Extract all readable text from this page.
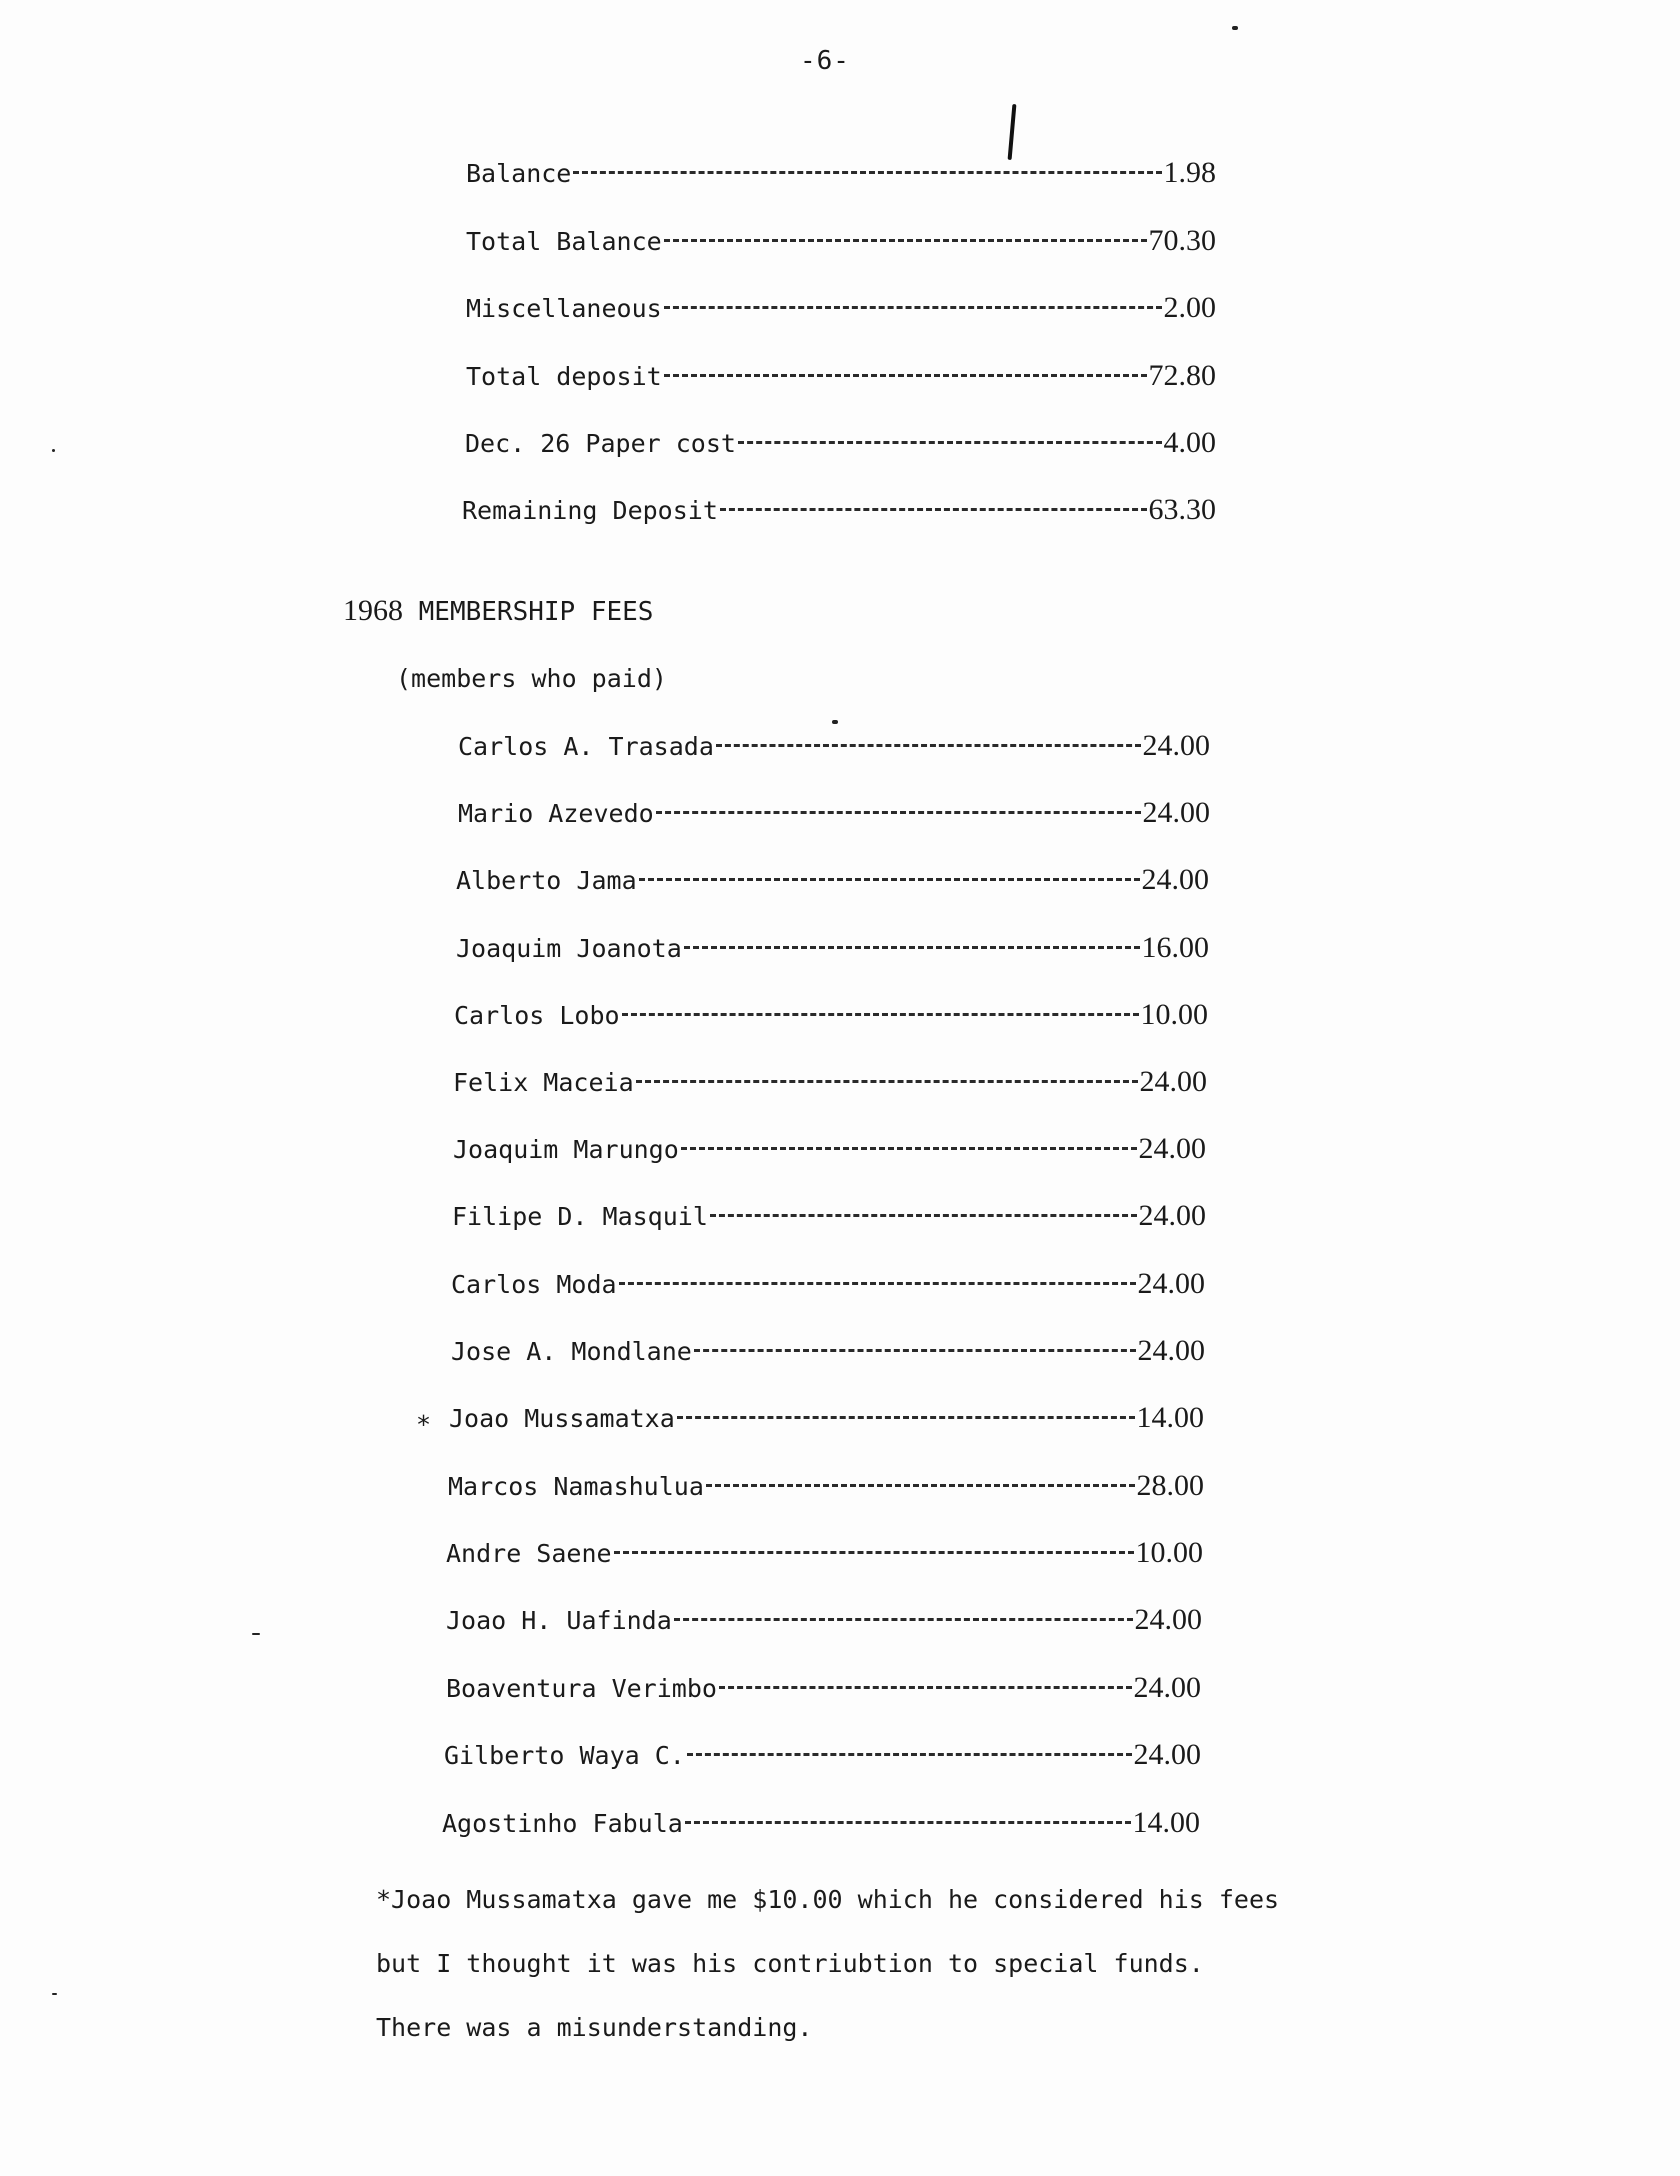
-6-
Balance	1.98
Total Balance	70.30
Miscellaneous	2.00
Total deposit	72.80
Dec. 26 Paper cost	4.00
Remaining Deposit	63.30
1968 MEMBERSHIP FEES
(members who paid)
Carlos A. Trasada	24.00
Mario Azevedo	24.00
Alberto Jama	24.00
Joaquim Joanota	16.00
Carlos Lobo	10.00
Felix Maceia	24.00
Joaquim Marungo	24.00
Filipe D. Masquil	24.00
Carlos Moda	24.00
Jose A. Mondlane	24.00
* Joao Mussamatxa	14.00
Marcos Namashulua	28.00
Andre Saene	10.00
Joao H. Uafinda	24.00
Boaventura Verimbo	24.00
Gilberto Waya C.	24.00
Agostinho Fabula	14.00
*Joao Mussamatxa gave me $10.00 which he considered his fees
but I thought it was his contriubtion to special funds.
There was a misunderstanding.
